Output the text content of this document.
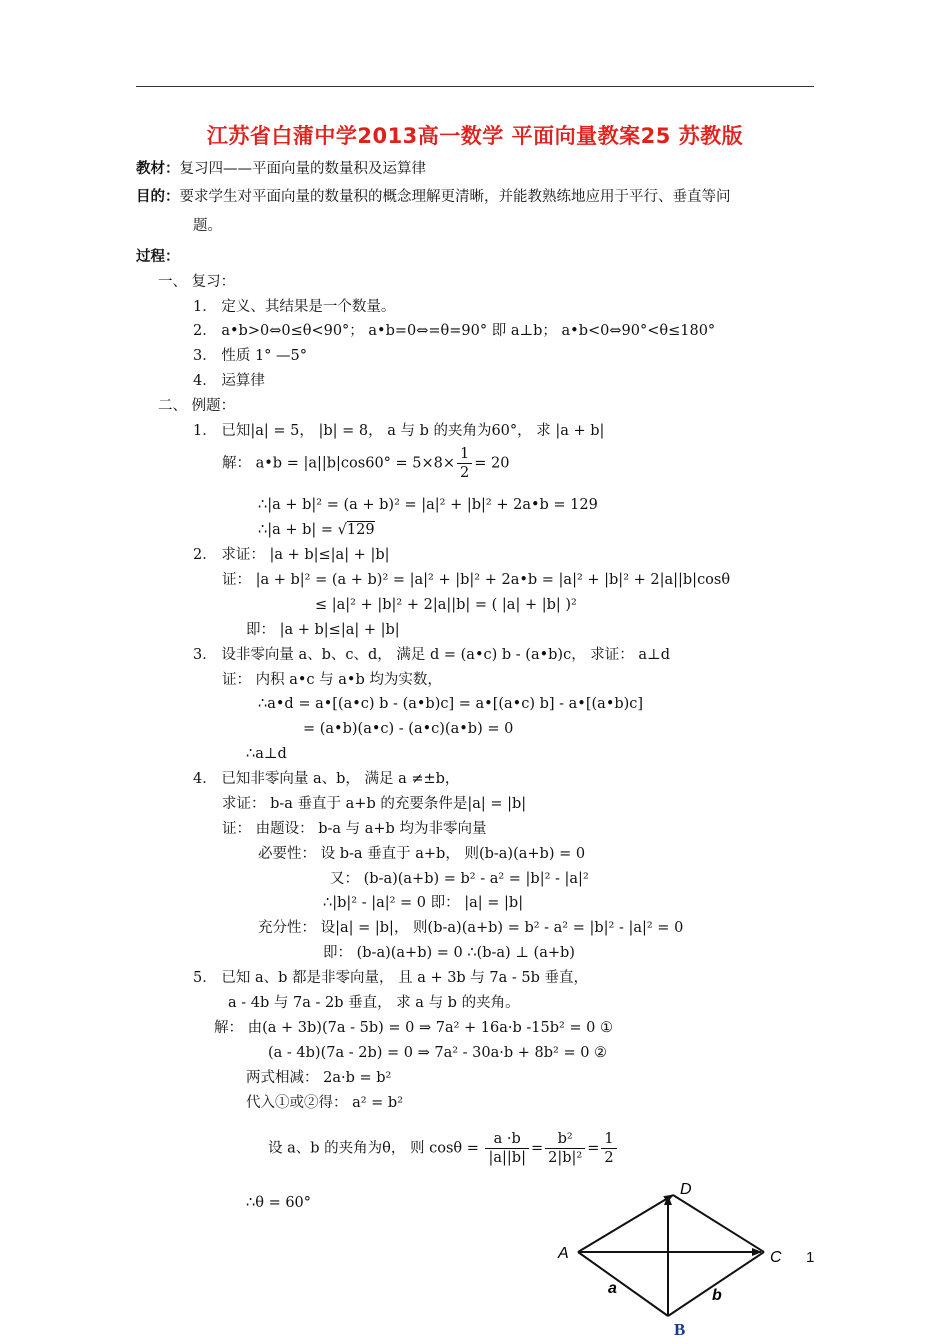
江苏省白蒲中学2013高一数学 平面向量教案25 苏教版
教材：复习四——平面向量的数量积及运算律
目的：要求学生对平面向量的数量积的概念理解更清晰，并能教熟练地应用于平行、垂直等问
题。
过程：
一、 复习：
1． 定义、其结果是一个数量。
2． a•b>0⇔0≤θ<90°； a•b=0⇔=θ=90° 即 a⊥b； a•b<0⇔90°<θ≤180°
3． 性质 1° —5°
4． 运算律
二、 例题：
1． 已知|a| = 5， |b| = 8， a 与 b 的夹角为60°， 求 |a + b|
解： a•b = $|a||b|\cos 60^\circ = 5\times 8\times \frac{1}{2} = 20$
∴|a + b|² = (a + b)² = |a|² + |b|² + 2a•b = 129
∴|a + b| = √129
2． 求证： |a + b|≤|a| + |b|
证： |a + b|² = (a + b)² = |a|² + |b|² + 2a•b = |a|² + |b|² + 2|a||b|cosθ
≤ |a|² + |b|² + 2|a||b| = ( |a| + |b| )²
即： |a + b|≤|a| + |b|
3． 设非零向量 a、b、c、d， 满足 d = (a•c) b - (a•b)c， 求证： a⊥d
证： 内积 a•c 与 a•b 均为实数，
∴a•d = a•[(a•c) b - (a•b)c] = a•[(a•c) b] - a•[(a•b)c]
= (a•b)(a•c) - (a•c)(a•b) = 0
∴a⊥d
4． 已知非零向量 a、b， 满足 a ≠±b，
求证： b-a 垂直于 a+b 的充要条件是|a| = |b|
证： 由题设： b-a 与 a+b 均为非零向量
必要性： 设 b-a 垂直于 a+b， 则(b-a)(a+b) = 0
又： (b-a)(a+b) = b² - a² = |b|² - |a|²
∴|b|² - |a|² = 0 即： |a| = |b|
充分性： 设|a| = |b|， 则(b-a)(a+b) = b² - a² = |b|² - |a|² = 0
即： (b-a)(a+b) = 0 ∴(b-a) ⊥ (a+b)
5． 已知 a、b 都是非零向量， 且 a + 3b 与 7a - 5b 垂直，
a - 4b 与 7a - 2b 垂直， 求 a 与 b 的夹角。
解： 由(a + 3b)(7a - 5b) = 0 ⇒ 7a² + 16a·b -15b² = 0 ①
(a - 4b)(7a - 2b) = 0 ⇒ 7a² - 30a·b + 8b² = 0 ②
两式相减： 2a·b = b²
代入①或②得： a² = b²
设 a、b 的夹角为θ， 则 $\cos\theta = \frac{a \cdot b}{|a||b|} = \frac{\text{b²}}{\text{2|b|²}} = \frac{1}{2}$
∴θ = 60°
A
D
C
B
a	b
1
